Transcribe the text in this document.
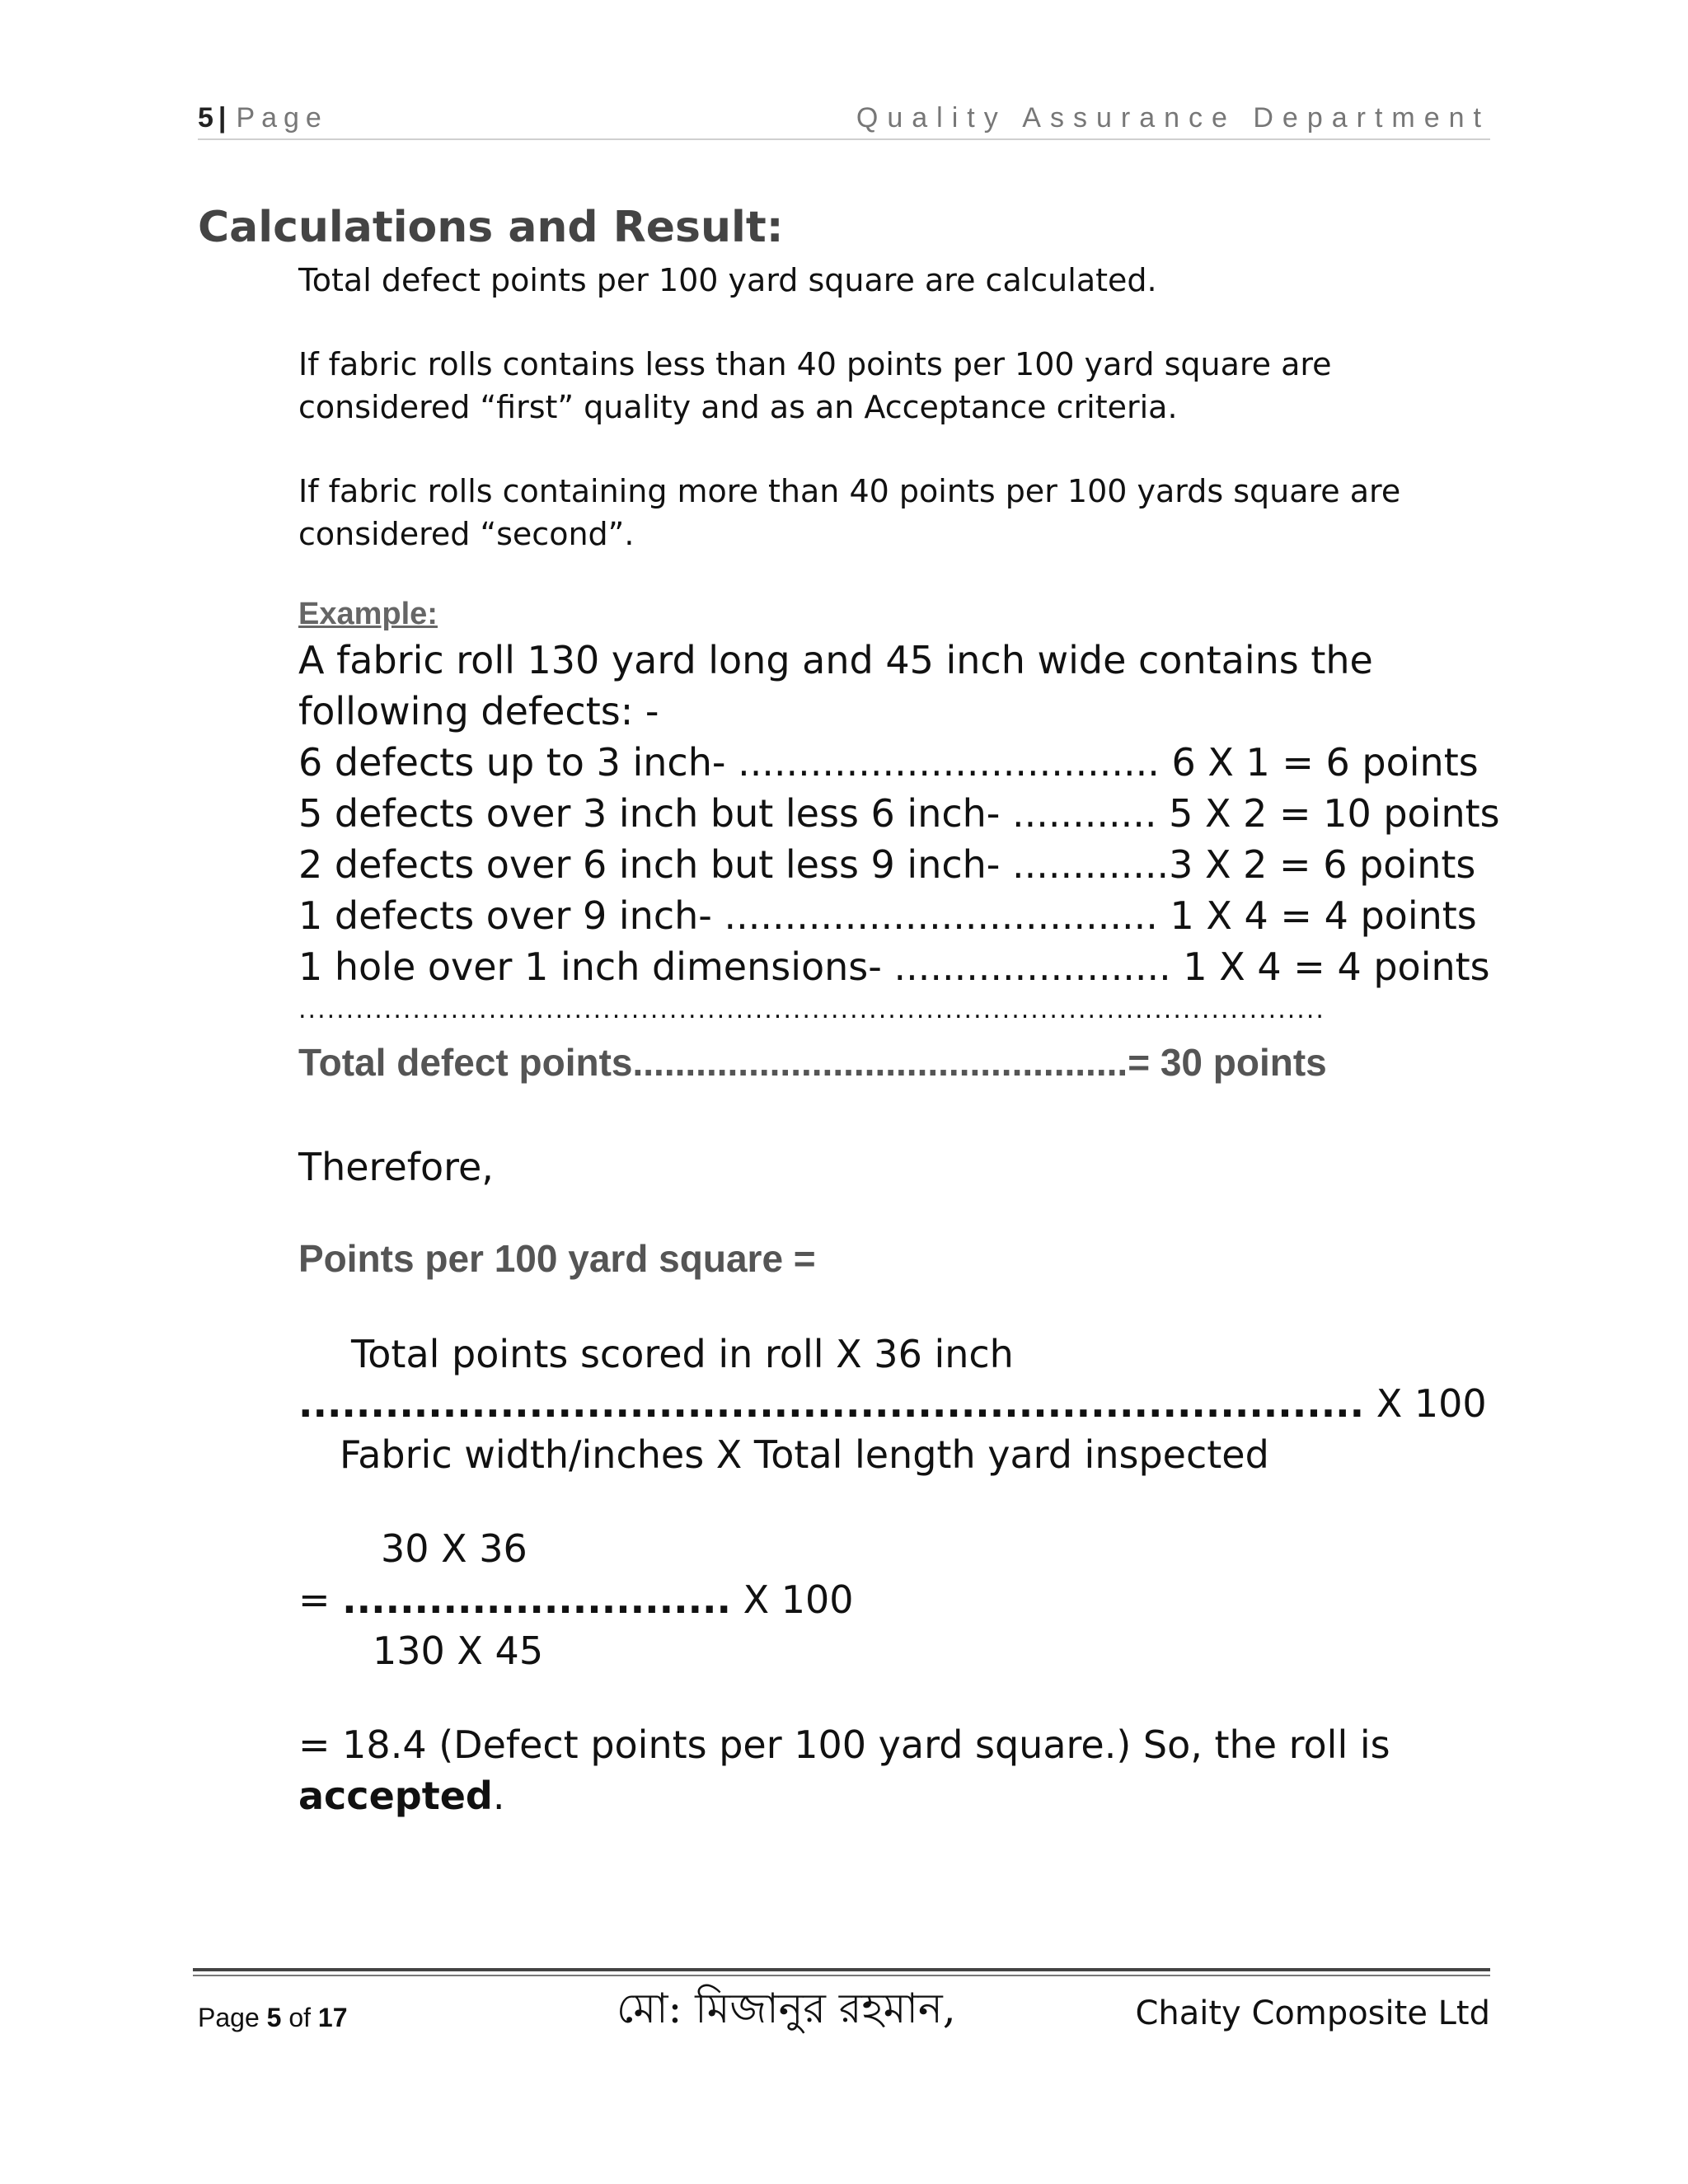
5 | Page	Quality Assurance Department
Calculations and Result:
Total defect points per 100 yard square are calculated.
If fabric rolls contains less than 40 points per 100 yard square are
considered “first” quality and as an Acceptance criteria.
If fabric rolls containing more than 40 points per 100 yards square are
considered “second”.
Example:
A fabric roll 130 yard long and 45 inch wide contains the
following defects: -
6 defects up to 3 inch- ................................... 6 X 1 = 6 points
5 defects over 3 inch but less 6 inch- ............ 5 X 2 = 10 points
2 defects over 6 inch but less 9 inch- .............3 X 2 = 6 points
1 defects over 9 inch- .................................... 1 X 4 = 4 points
1 hole over 1 inch dimensions- ....................... 1 X 4 = 4 points
............................................................................................................
Total defect points...............................................= 30 points
Therefore,
Points per 100 yard square =
Total points scored in roll X 36 inch
.......................................................................... X 100
Fabric width/inches X Total length yard inspected
30 X 36
= ........................... X 100
130 X 45
= 18.4 (Defect points per 100 yard square.) So, the roll is
accepted.
Page 5 of 17	মো: মিজানুর রহমান,	Chaity Composite Ltd
